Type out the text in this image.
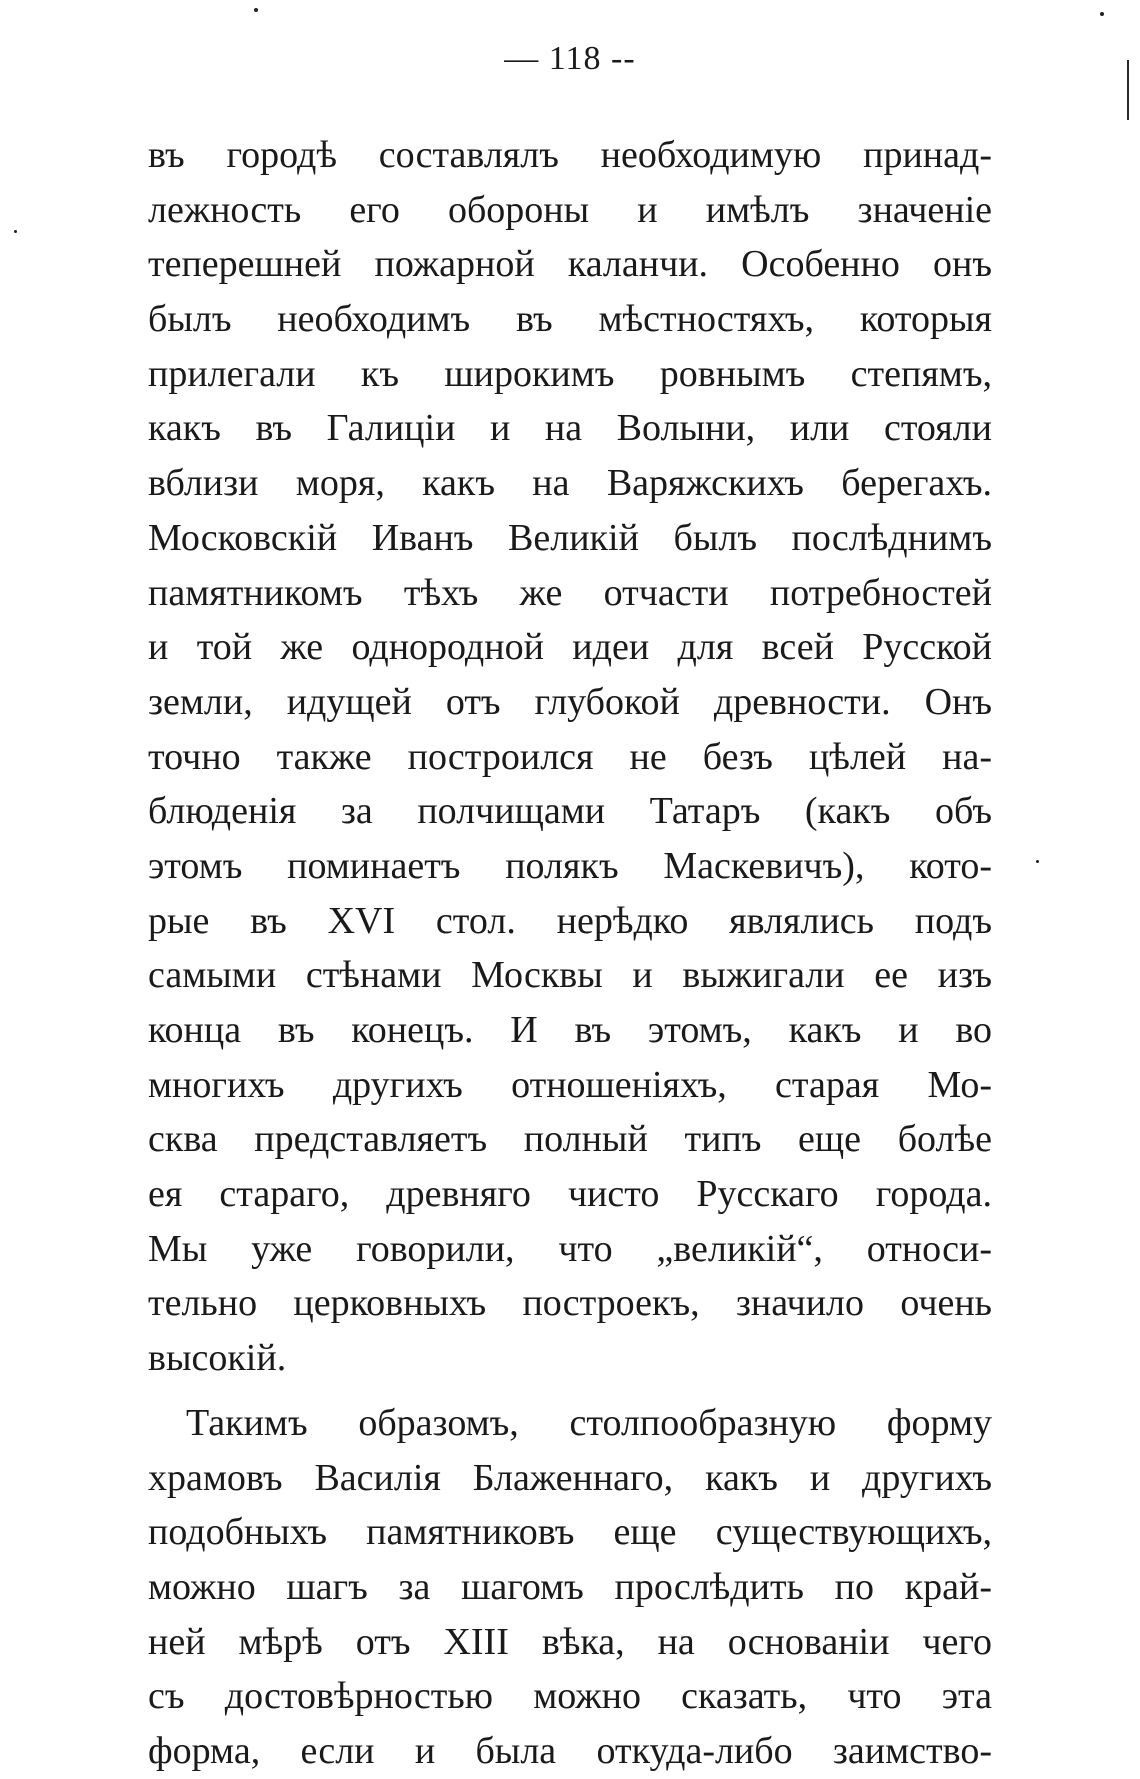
— 118 --
въ городѣ составлялъ необходимую принад-
лежность его обороны и имѣлъ значеніе
теперешней пожарной каланчи. Особенно онъ
былъ необходимъ въ мѣстностяхъ, которыя
прилегали къ широкимъ ровнымъ степямъ,
какъ въ Галиціи и на Волыни, или стояли
вблизи моря, какъ на Варяжскихъ берегахъ.
Московскій Иванъ Великій былъ послѣднимъ
памятникомъ тѣхъ же отчасти потребностей
и той же однородной идеи для всей Русской
земли, идущей отъ глубокой древности. Онъ
точно также построился не безъ цѣлей на-
блюденія за полчищами Татаръ (какъ объ
этомъ поминаетъ полякъ Маскевичъ), кото-
рые въ XVI стол. нерѣдко являлись подъ
самыми стѣнами Москвы и выжигали ее изъ
конца въ конецъ. И въ этомъ, какъ и во
многихъ другихъ отношеніяхъ, старая Мо-
сква представляетъ полный типъ еще болѣе
ея стараго, древняго чисто Русскаго города.
Мы уже говорили, что „великій“, относи-
тельно церковныхъ построекъ, значило очень
высокій.
Такимъ образомъ, столпообразную форму
храмовъ Василія Блаженнаго, какъ и другихъ
подобныхъ памятниковъ еще существующихъ,
можно шагъ за шагомъ прослѣдить по край-
ней мѣрѣ отъ XIII вѣка, на основаніи чего
съ достовѣрностью можно сказать, что эта
форма, если и была откуда-либо заимство-
